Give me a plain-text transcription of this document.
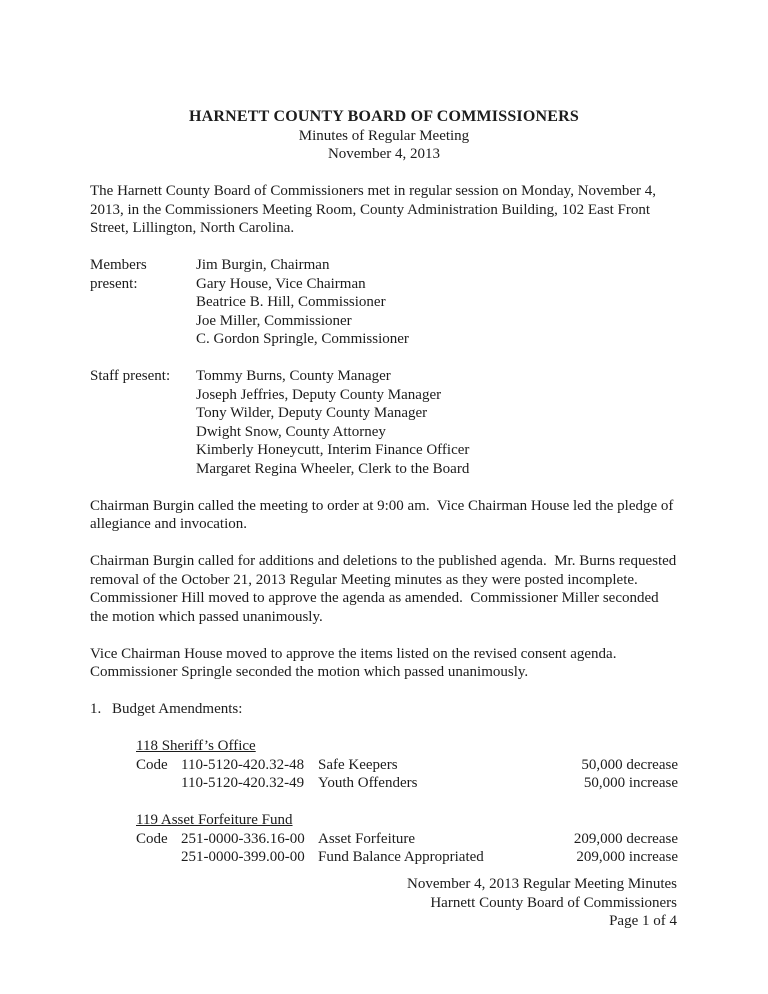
HARNETT COUNTY BOARD OF COMMISSIONERS
Minutes of Regular Meeting
November 4, 2013

The Harnett County Board of Commissioners met in regular session on Monday, November 4, 2013, in the Commissioners Meeting Room, County Administration Building, 102 East Front Street, Lillington, North Carolina.

Members present:
Jim Burgin, Chairman
Gary House, Vice Chairman
Beatrice B. Hill, Commissioner
Joe Miller, Commissioner
C. Gordon Springle, Commissioner
Staff present:	Tommy Burns, County Manager
Joseph Jeffries, Deputy County Manager
Tony Wilder, Deputy County Manager
Dwight Snow, County Attorney
Kimberly Honeycutt, Interim Finance Officer
Margaret Regina Wheeler, Clerk to the Board

Chairman Burgin called the meeting to order at 9:00 am.  Vice Chairman House led the pledge of allegiance and invocation.

Chairman Burgin called for additions and deletions to the published agenda.  Mr. Burns requested removal of the October 21, 2013 Regular Meeting minutes as they were posted incomplete.  Commissioner Hill moved to approve the agenda as amended.  Commissioner Miller seconded the motion which passed unanimously.

Vice Chairman House moved to approve the items listed on the revised consent agenda.  Commissioner Springle seconded the motion which passed unanimously.

1. Budget Amendments:
118 Sheriff’s Office
Code 110-5120-420.32-48 Safe Keepers	50,000 decrease
110-5120-420.32-49 Youth Offenders	50,000 increase
119 Asset Forfeiture Fund
Code 251-0000-336.16-00 Asset Forfeiture	209,000 decrease
251-0000-399.00-00 Fund Balance Appropriated	209,000 increase
November 4, 2013 Regular Meeting Minutes
Harnett County Board of Commissioners
Page 1 of 4
